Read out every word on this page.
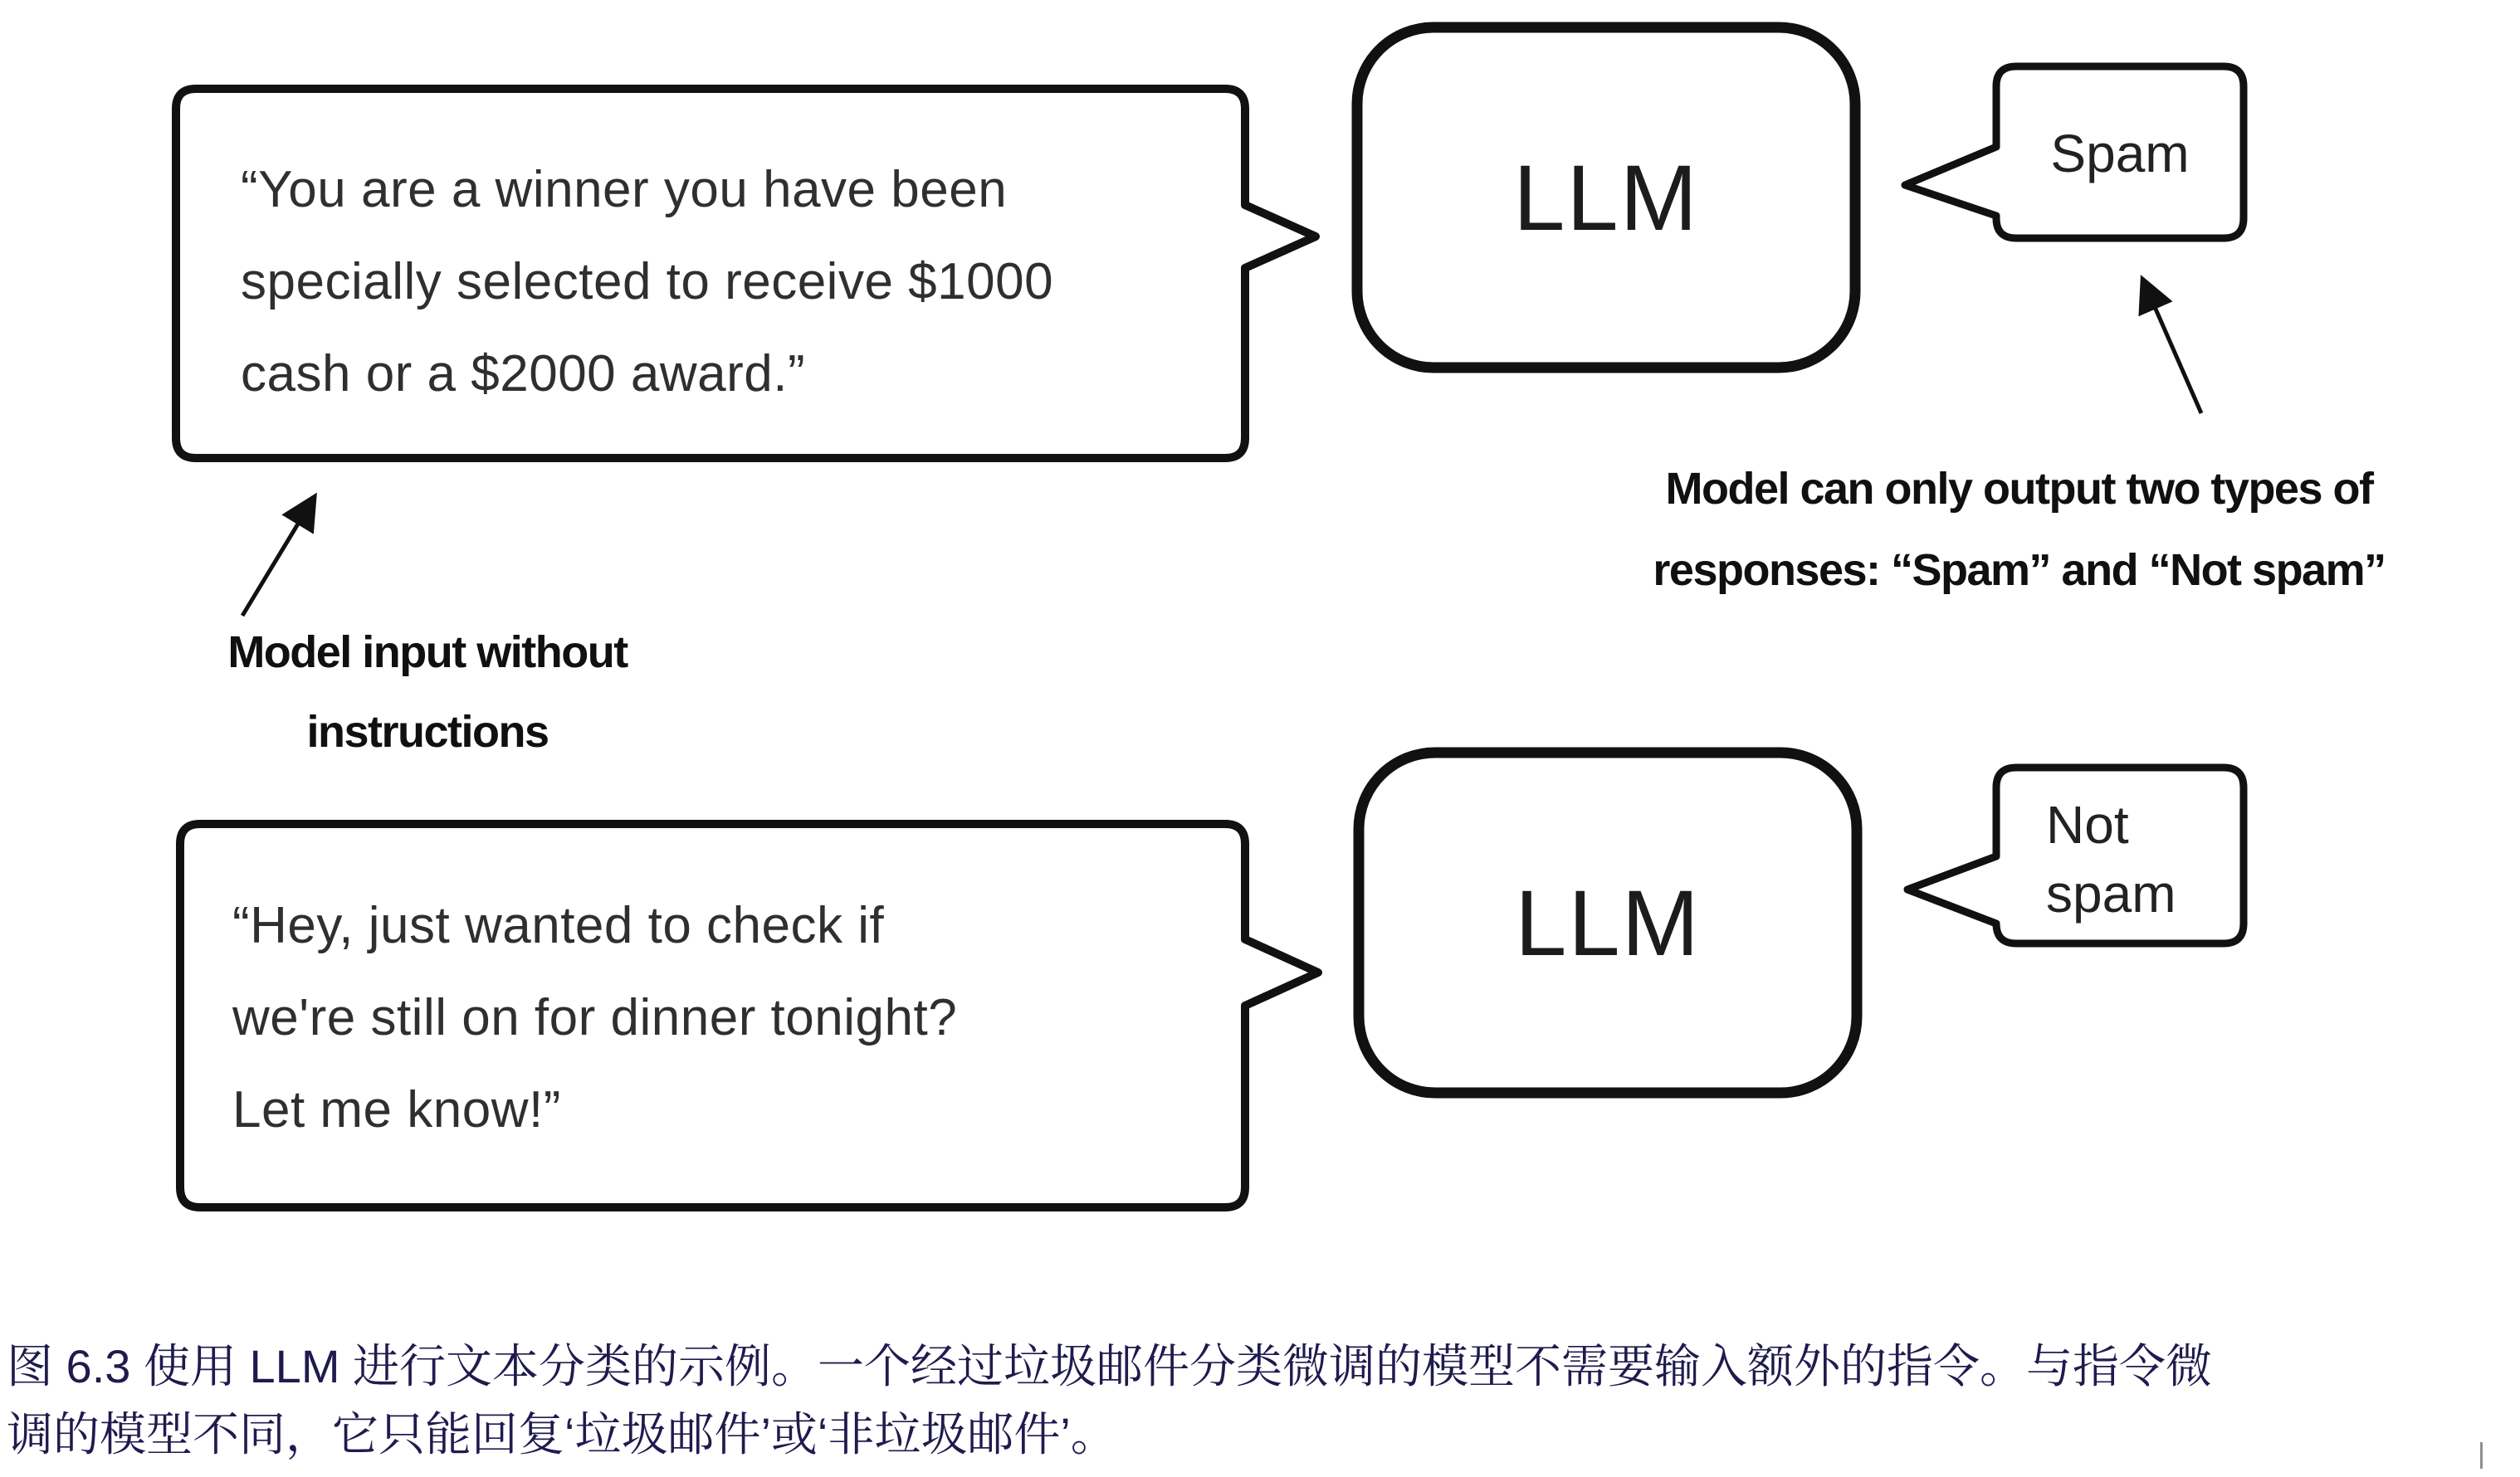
“You are a winner you have been
specially selected to receive $1000
cash or a $2000 award.”
“Hey, just wanted to check if
we're still on for dinner tonight?
Let me know!”
LLM
LLM
Spam
Not
spam
Model input without
instructions
Model can only output two types of
responses: “Spam” and “Not spam”
图 6.3 使用 LLM 进行文本分类的示例。一个经过垃圾邮件分类微调的模型不需要输入额外的指令。与指令微
调的模型不同，它只能回复‘垃圾邮件’或‘非垃圾邮件’。
